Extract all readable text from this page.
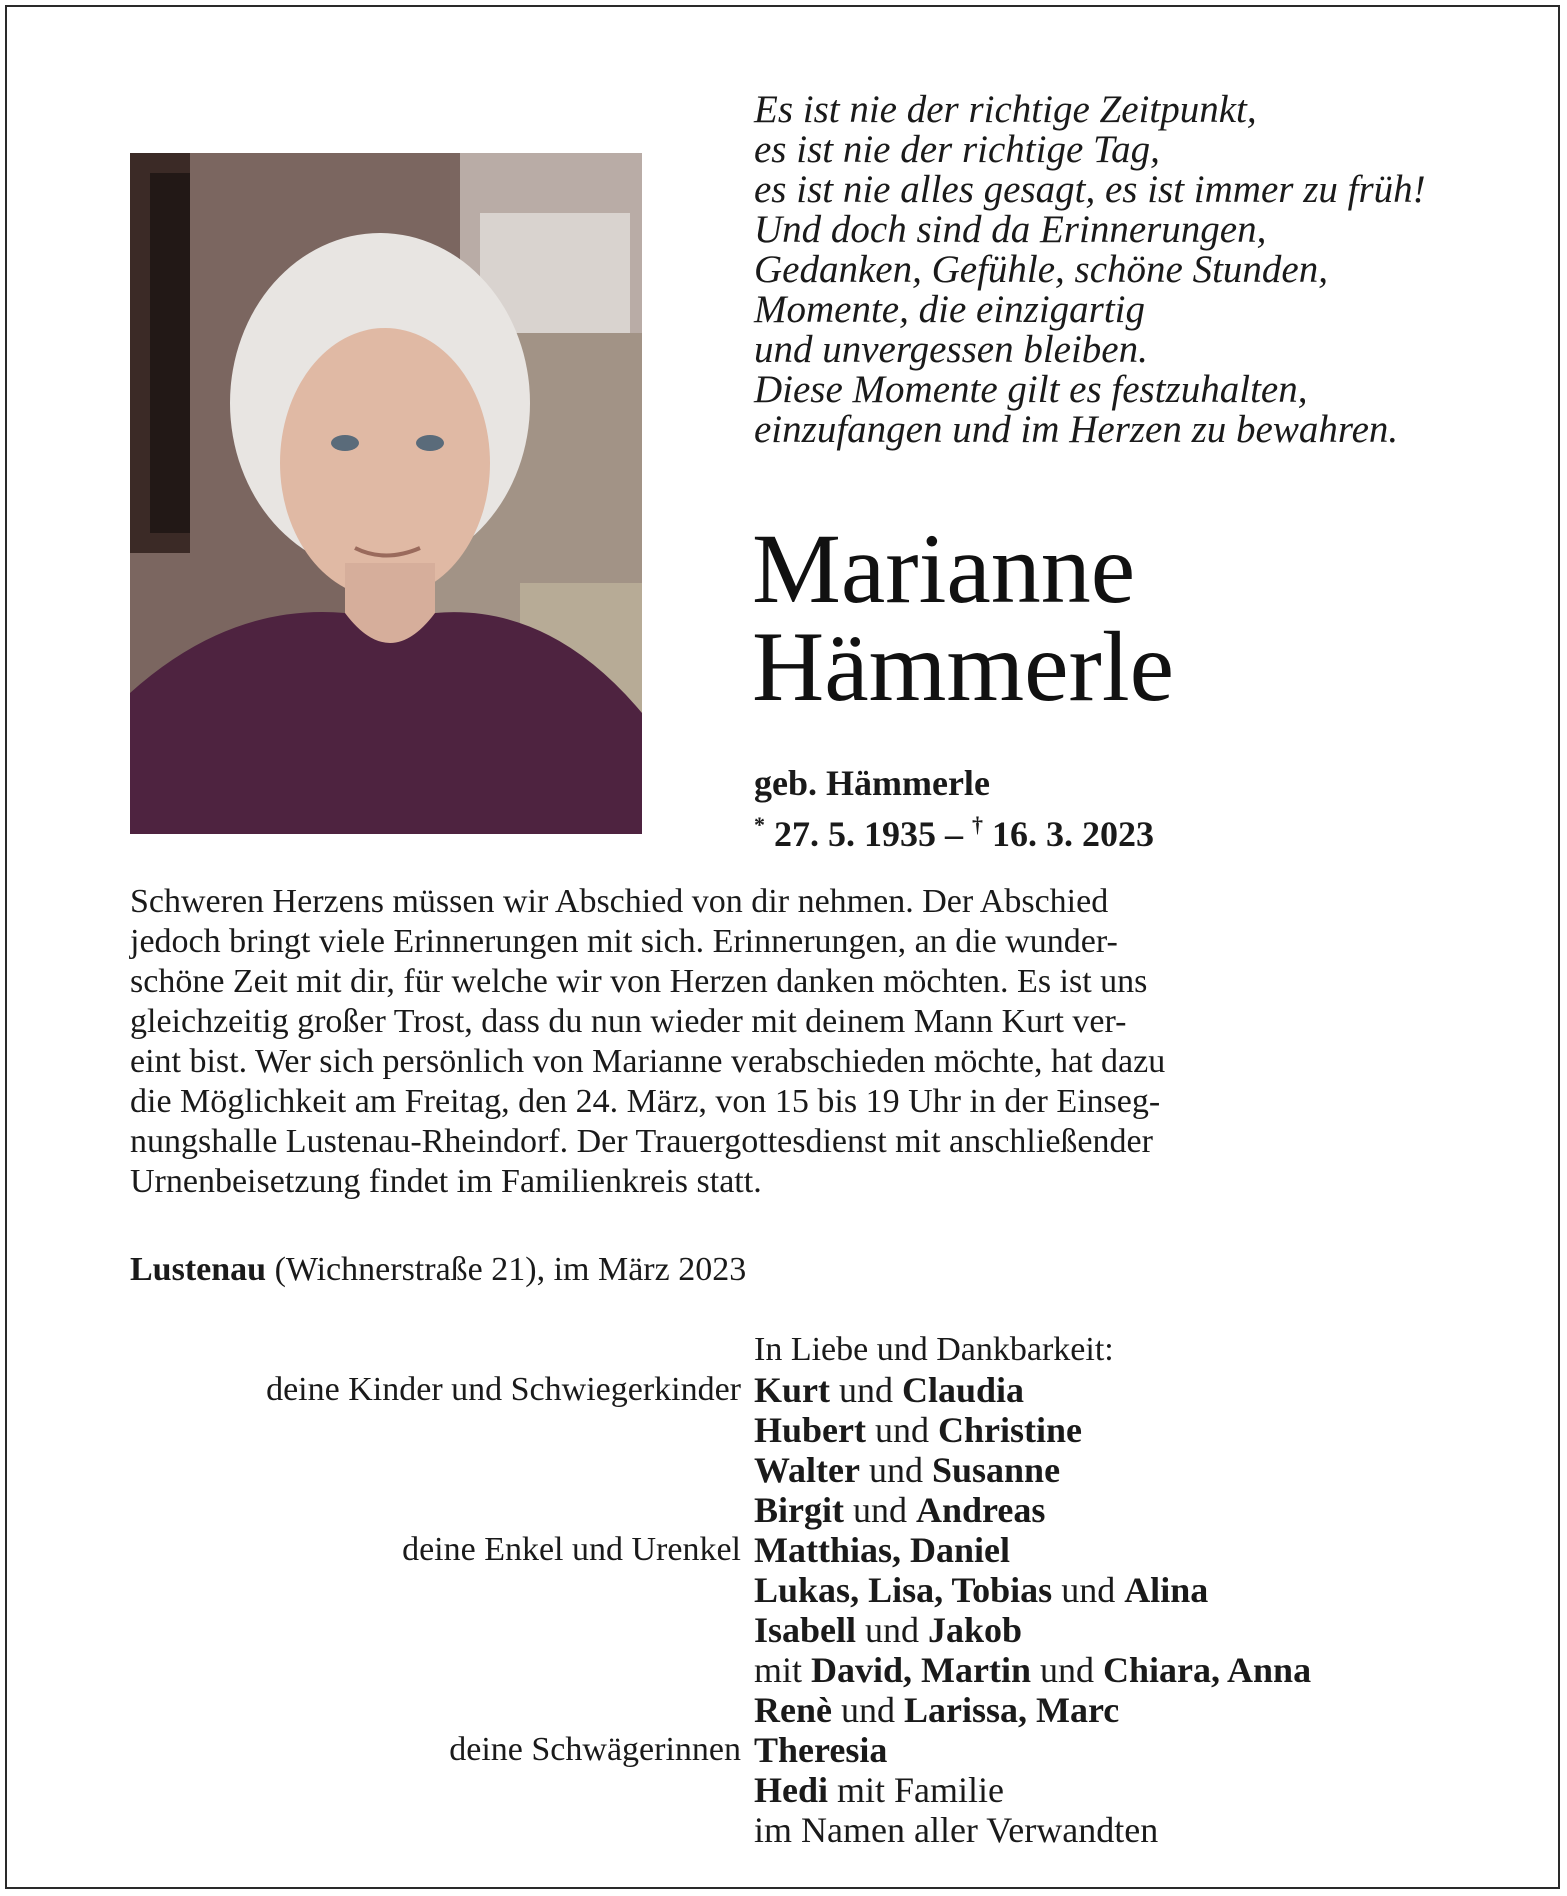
Es ist nie der richtige Zeitpunkt,
es ist nie der richtige Tag,
es ist nie alles gesagt, es ist immer zu früh!
Und doch sind da Erinnerungen,
Gedanken, Gefühle, schöne Stunden,
Momente, die einzigartig
und unvergessen bleiben.
Diese Momente gilt es festzuhalten,
einzufangen und im Herzen zu bewahren.
Marianne
Hämmerle
geb. Hämmerle
* 27. 5. 1935 – † 16. 3. 2023
Schweren Herzens müssen wir Abschied von dir nehmen. Der Abschied
jedoch bringt viele Erinnerungen mit sich. Erinnerungen, an die wunder-
schöne Zeit mit dir, für welche wir von Herzen danken möchten. Es ist uns
gleichzeitig großer Trost, dass du nun wieder mit deinem Mann Kurt ver-
eint bist. Wer sich persönlich von Marianne verabschieden möchte, hat dazu
die Möglichkeit am Freitag, den 24. März, von 15 bis 19 Uhr in der Einseg-
nungshalle Lustenau-Rheindorf. Der Trauergottesdienst mit anschließender
Urnenbeisetzung findet im Familienkreis statt.
Lustenau (Wichnerstraße 21), im März 2023
In Liebe und Dankbarkeit:
deine Kinder und Schwiegerkinder Kurt und Claudia
Hubert und Christine
Walter und Susanne
Birgit und Andreas
deine Enkel und Urenkel Matthias, Daniel
Lukas, Lisa, Tobias und Alina
Isabell und Jakob
mit David, Martin und Chiara, Anna
Renè und Larissa, Marc
deine Schwägerinnen Theresia
Hedi mit Familie
im Namen aller Verwandten
